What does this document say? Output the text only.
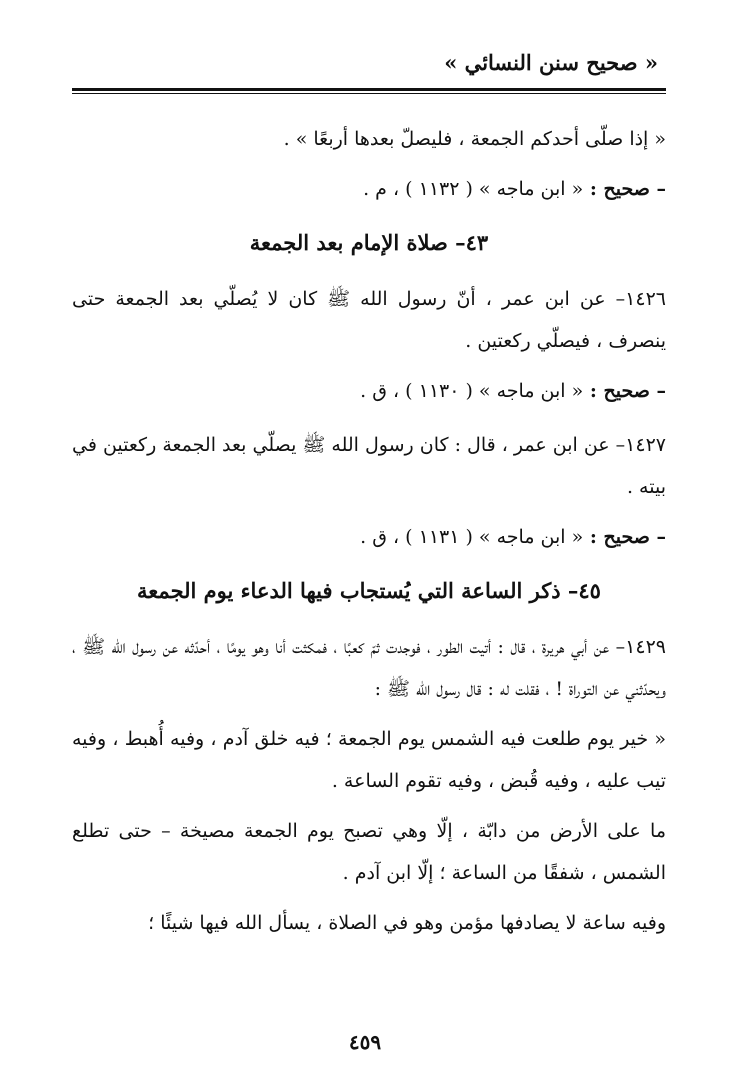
« صحيح سنن النسائي »

« إذا صلّى أحدكم الجمعة ، فليصلّ بعدها أربعًا » .

– صحيح : « ابن ماجه » ( ١١٣٢ ) ، م .

٤٣– صلاة الإمام بعد الجمعة

١٤٢٦– عن ابن عمر ، أنّ رسول الله ﷺ كان لا يُصلّي بعد الجمعة حتى ينصرف ، فيصلّي ركعتين .

– صحيح : « ابن ماجه » ( ١١٣٠ ) ، ق .

١٤٢٧– عن ابن عمر ، قال : كان رسول الله ﷺ يصلّي بعد الجمعة ركعتين في بيته .

– صحيح : « ابن ماجه » ( ١١٣١ ) ، ق .

٤٥– ذكر الساعة التي يُستجاب فيها الدعاء يوم الجمعة

١٤٢٩– عن أبي هريرة ، قال : أتيت الطور ، فوجدت ثمّ كعبًا ، فمكثت أنا وهو يومًا ، أحدّثه عن رسول الله ﷺ ، ويحدّثني عن التوراة ! ، فقلت له : قال رسول الله ﷺ :

« خير يوم طلعت فيه الشمس يوم الجمعة ؛ فيه خلق آدم ، وفيه أُهبط ، وفيه تيب عليه ، وفيه قُبض ، وفيه تقوم الساعة .

ما على الأرض من دابّة ، إلّا وهي تصبح يوم الجمعة مصيخة – حتى تطلع الشمس ، شفقًا من الساعة ؛ إلّا ابن آدم .

وفيه ساعة لا يصادفها مؤمن وهو في الصلاة ، يسأل الله فيها شيئًا ؛

٤٥٩
